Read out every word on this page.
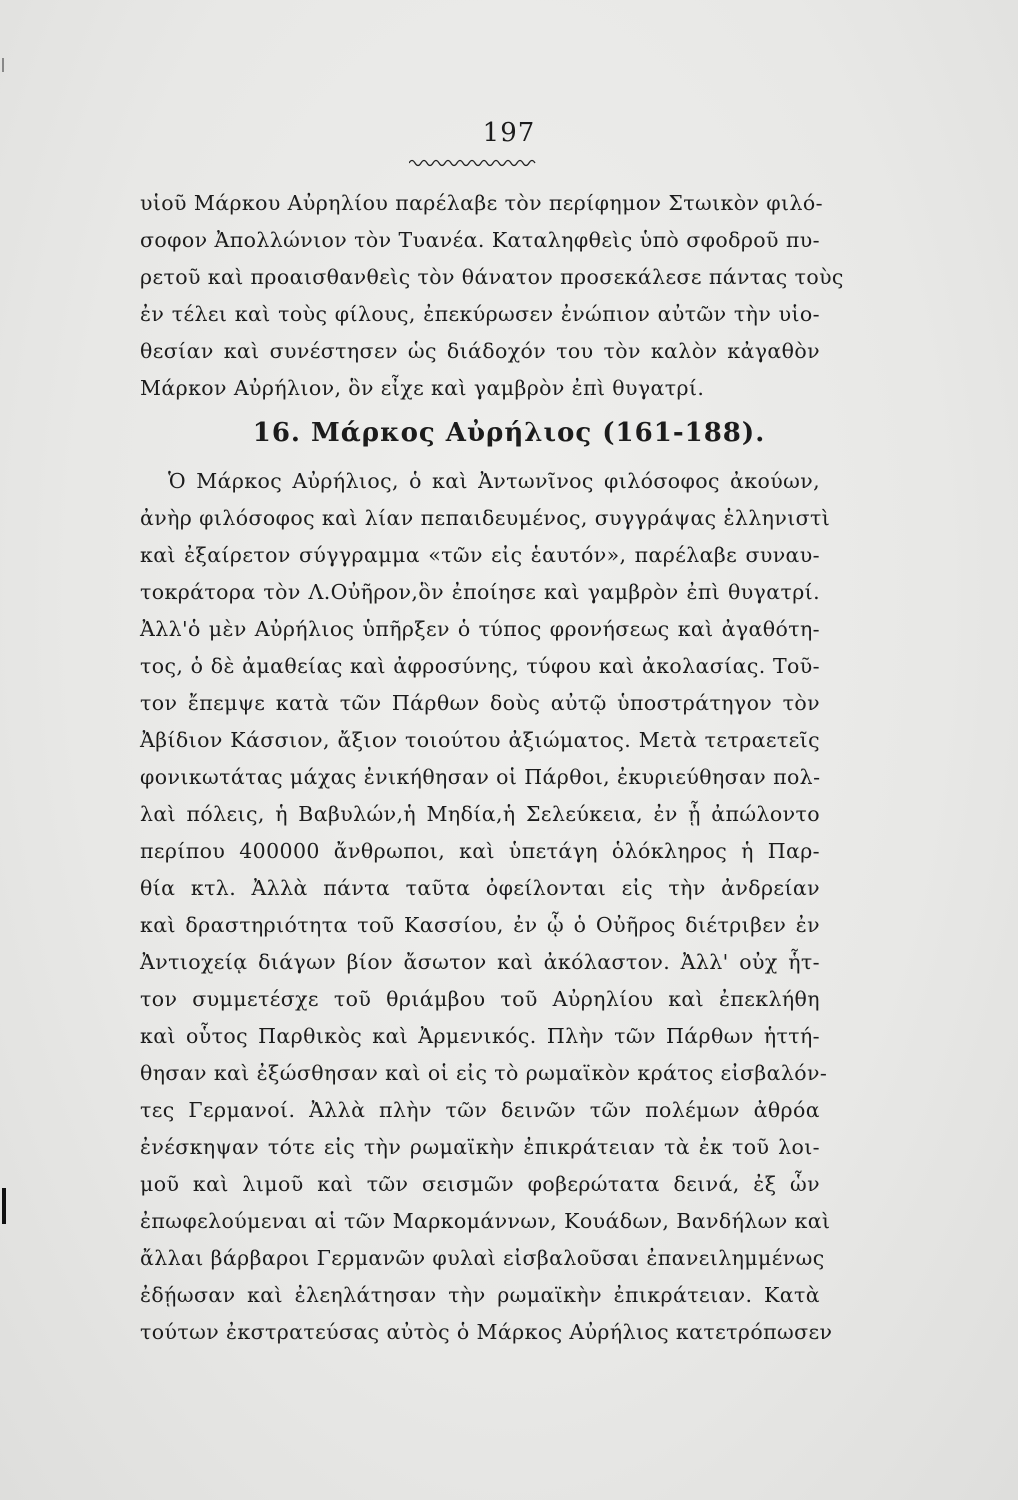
197
υἱοῦ Μάρκου Αὐρηλίου παρέλαβε τὸν περίφημον Στωικὸν φιλό-
σοφον Ἀπολλώνιον τὸν Τυανέα. Καταληφθεὶς ὑπὸ σφοδροῦ πυ-
ρετοῦ καὶ προαισθανθεὶς τὸν θάνατον προσεκάλεσε πάντας τοὺς
ἐν τέλει καὶ τοὺς φίλους, ἐπεκύρωσεν ἐνώπιον αὐτῶν τὴν υἱο-
θεσίαν καὶ συνέστησεν ὡς διάδοχόν του τὸν καλὸν κἀγαθὸν
Μάρκον Αὐρήλιον, ὃν εἶχε καὶ γαμβρὸν ἐπὶ θυγατρί.
16. Μάρκος Αὐρήλιος (161-188).
Ὁ Μάρκος Αὐρήλιος, ὁ καὶ Ἀντωνῖνος φιλόσοφος ἀκούων,
ἀνὴρ φιλόσοφος καὶ λίαν πεπαιδευμένος, συγγράψας ἑλληνιστὶ
καὶ ἐξαίρετον σύγγραμμα «τῶν εἰς ἑαυτόν», παρέλαβε συναυ-
τοκράτορα τὸν Λ.Οὐῆρον,ὃν ἐποίησε καὶ γαμβρὸν ἐπὶ θυγατρί.
Ἀλλ'ὁ μὲν Αὐρήλιος ὑπῆρξεν ὁ τύπος φρονήσεως καὶ ἀγαθότη-
τος, ὁ δὲ ἀμαθείας καὶ ἀφροσύνης, τύφου καὶ ἀκολασίας. Τοῦ-
τον ἔπεμψε κατὰ τῶν Πάρθων δοὺς αὐτῷ ὑποστράτηγον τὸν
Ἀβίδιον Κάσσιον, ἄξιον τοιούτου ἀξιώματος. Μετὰ τετραετεῖς
φονικωτάτας μάχας ἐνικήθησαν οἱ Πάρθοι, ἐκυριεύθησαν πολ-
λαὶ πόλεις, ἡ Βαβυλών,ἡ Μηδία,ἡ Σελεύκεια, ἐν ᾗ ἀπώλοντο
περίπου 400000 ἄνθρωποι, καὶ ὑπετάγη ὁλόκληρος ἡ Παρ-
θία κτλ. Ἀλλὰ πάντα ταῦτα ὀφείλονται εἰς τὴν ἀνδρείαν
καὶ δραστηριότητα τοῦ Κασσίου, ἐν ᾧ ὁ Οὐῆρος διέτριβεν ἐν
Ἀντιοχείᾳ διάγων βίον ἄσωτον καὶ ἀκόλαστον. Ἀλλ' οὐχ ἧτ-
τον συμμετέσχε τοῦ θριάμβου τοῦ Αὐρηλίου καὶ ἐπεκλήθη
καὶ οὗτος Παρθικὸς καὶ Ἀρμενικός. Πλὴν τῶν Πάρθων ἡττή-
θησαν καὶ ἐξώσθησαν καὶ οἱ εἰς τὸ ρωμαϊκὸν κράτος εἰσβαλόν-
τες Γερμανοί. Ἀλλὰ πλὴν τῶν δεινῶν τῶν πολέμων ἀθρόα
ἐνέσκηψαν τότε εἰς τὴν ρωμαϊκὴν ἐπικράτειαν τὰ ἐκ τοῦ λοι-
μοῦ καὶ λιμοῦ καὶ τῶν σεισμῶν φοβερώτατα δεινά, ἐξ ὧν
ἐπωφελούμεναι αἱ τῶν Μαρκομάννων, Κουάδων, Βανδήλων καὶ
ἄλλαι βάρβαροι Γερμανῶν φυλαὶ εἰσβαλοῦσαι ἐπανειλημμένως
ἐδῄωσαν καὶ ἐλεηλάτησαν τὴν ρωμαϊκὴν ἐπικράτειαν. Κατὰ
τούτων ἐκστρατεύσας αὐτὸς ὁ Μάρκος Αὐρήλιος κατετρόπωσεν
